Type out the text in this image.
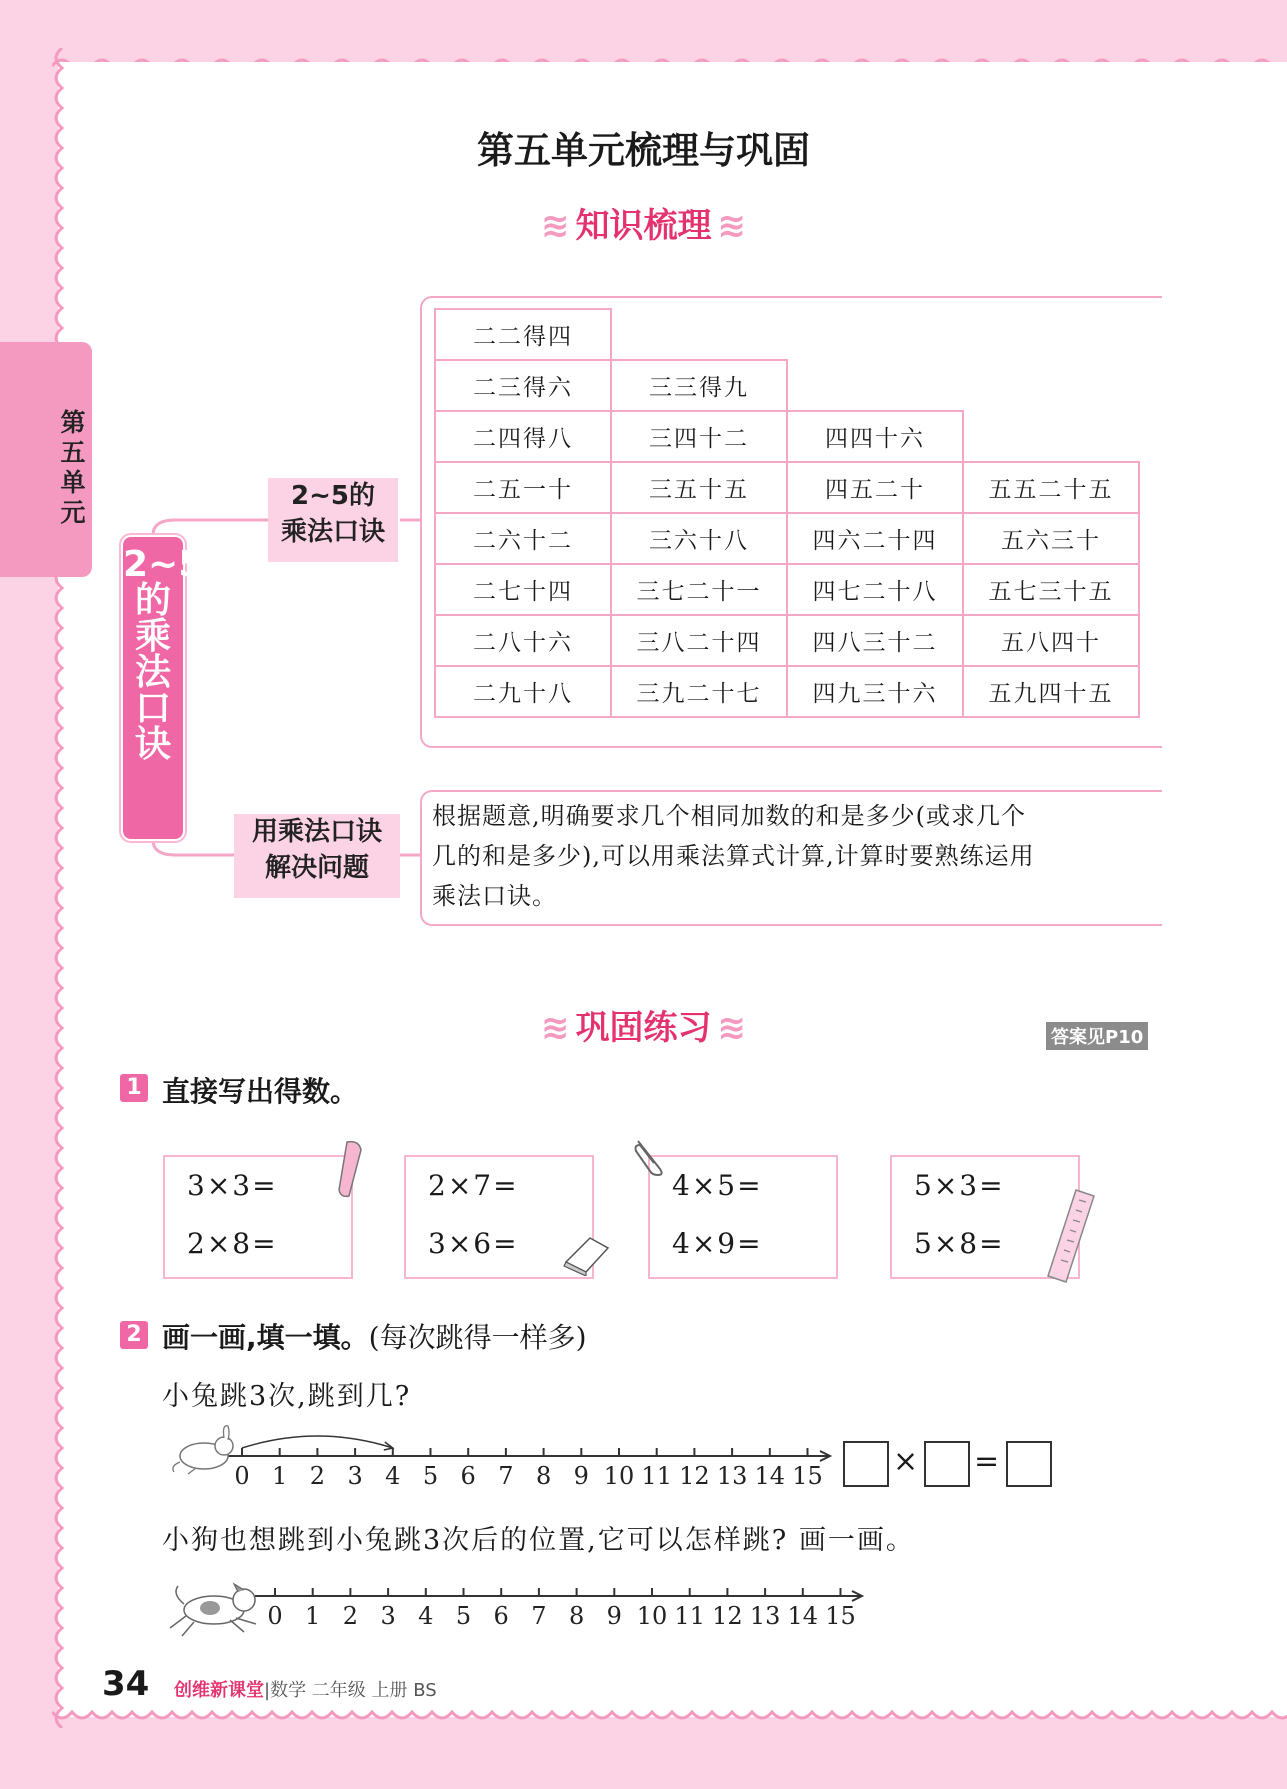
第五单元
第五单元梳理与巩固
≋ 知识梳理 ≋
2~5的乘法口诀
2~5的
乘法口诀
用乘法口诀
解决问题
二二得四			
二三得六	三三得九		
二四得八	三四十二	四四十六	
二五一十	三五十五	四五二十	五五二十五
二六十二	三六十八	四六二十四	五六三十
二七十四	三七二十一	四七二十八	五七三十五
二八十六	三八二十四	四八三十二	五八四十
二九十八	三九二十七	四九三十六	五九四十五
根据题意,明确要求几个相同加数的和是多少(或求几个
几的和是多少),可以用乘法算式计算,计算时要熟练运用
乘法口诀。
≋ 巩固练习 ≋	答案见P10
1 直接写出得数。
3×3=
2×8=
2×7=
3×6=
4×5=
4×9=
5×3=
5×8=
2 画一画,填一填。(每次跳得一样多)
小兔跳3次,跳到几?
0 1 2 3 4 5 6 7 8 9 10 11 12 13 14 15 × =
小狗也想跳到小兔跳3次后的位置,它可以怎样跳? 画一画。
0 1 2 3 4 5 6 7 8 9 10 11 12 13 14 15
34 创维新课堂|数学 二年级 上册 BS
